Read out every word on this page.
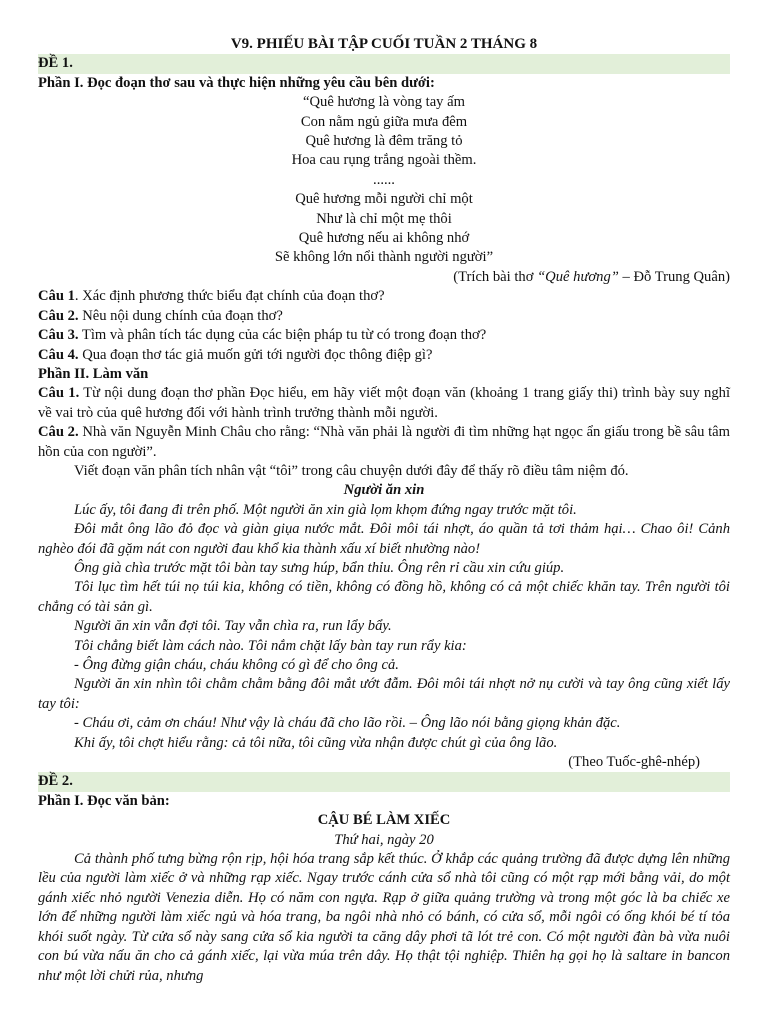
V9. PHIẾU BÀI TẬP CUỐI TUẦN 2 THÁNG 8
ĐỀ 1.
Phần I. Đọc đoạn thơ sau và thực hiện những yêu cầu bên dưới:
“Quê hương là vòng tay ấm
Con nằm ngủ giữa mưa đêm
Quê hương là đêm trăng tỏ
Hoa cau rụng trắng ngoài thềm.
......
Quê hương mỗi người chỉ một
Như là chỉ một mẹ thôi
Quê hương nếu ai không nhớ
Sẽ không lớn nổi thành người người”
(Trích bài thơ “Quê hương” – Đỗ Trung Quân)
Câu 1. Xác định phương thức biểu đạt chính của đoạn thơ?
Câu 2. Nêu nội dung chính của đoạn thơ?
Câu 3. Tìm và phân tích tác dụng của các biện pháp tu từ có trong đoạn thơ?
Câu 4. Qua đoạn thơ tác giả muốn gửi tới người đọc thông điệp gì?
Phần II. Làm văn

Câu 1. Từ nội dung đoạn thơ phần Đọc hiểu, em hãy viết một đoạn văn (khoảng 1 trang giấy thi) trình bày suy nghĩ về vai trò của quê hương đối với hành trình trưởng thành mỗi người.

Câu 2. Nhà văn Nguyễn Minh Châu cho rằng: “Nhà văn phải là người đi tìm những hạt ngọc ẩn giấu trong bề sâu tâm hồn của con người”.

Viết đoạn văn phân tích nhân vật “tôi” trong câu chuyện dưới đây để thấy rõ điều tâm niệm đó.

Người ăn xin

Lúc ấy, tôi đang đi trên phố. Một người ăn xin già lọm khọm đứng ngay trước mặt tôi.

Đôi mắt ông lão đỏ đọc và giàn giụa nước mắt. Đôi môi tái nhợt, áo quần tả tơi thảm hại… Chao ôi! Cảnh nghèo đói đã gặm nát con người đau khổ kia thành xấu xí biết nhường nào!

Ông già chìa trước mặt tôi bàn tay sưng húp, bẩn thỉu. Ông rên rỉ cầu xin cứu giúp.

Tôi lục tìm hết túi nọ túi kia, không có tiền, không có đồng hồ, không có cả một chiếc khăn tay. Trên người tôi chẳng có tài sản gì.

Người ăn xin vẫn đợi tôi. Tay vẫn chìa ra, run lẩy bẩy.

Tôi chẳng biết làm cách nào. Tôi nắm chặt lấy bàn tay run rẩy kia:

- Ông đừng giận cháu, cháu không có gì để cho ông cả.

Người ăn xin nhìn tôi chằm chằm bằng đôi mắt ướt đẫm. Đôi môi tái nhợt nở nụ cười và tay ông cũng xiết lấy tay tôi:

- Cháu ơi, cảm ơn cháu! Như vậy là cháu đã cho lão rồi. – Ông lão nói bằng giọng khản đặc.

Khi ấy, tôi chợt hiểu rằng: cả tôi nữa, tôi cũng vừa nhận được chút gì của ông lão.

(Theo Tuốc-ghê-nhép)
ĐỀ 2.
Phần I. Đọc văn bản:
CẬU BÉ LÀM XIẾC
Thứ hai, ngày 20

Cả thành phố tưng bừng rộn rịp, hội hóa trang sắp kết thúc. Ở khắp các quảng trường đã được dựng lên những lều của người làm xiếc ở và những rạp xiếc. Ngay trước cánh cửa sổ nhà tôi cũng có một rạp mới bằng vải, do một gánh xiếc nhỏ người Venezia diễn. Họ có năm con ngựa. Rạp ở giữa quảng trường và trong một góc là ba chiếc xe lớn để những người làm xiếc ngủ và hóa trang, ba ngôi nhà nhỏ có bánh, có cửa sổ, mỗi ngôi có ống khói bé tí tỏa khói suốt ngày. Từ cửa sổ này sang cửa sổ kia người ta căng dây phơi tã lót trẻ con. Có một người đàn bà vừa nuôi con bú vừa nấu ăn cho cả gánh xiếc, lại vừa múa trên dây. Họ thật tội nghiệp. Thiên hạ gọi họ là saltare in bancon như một lời chửi rủa, nhưng
